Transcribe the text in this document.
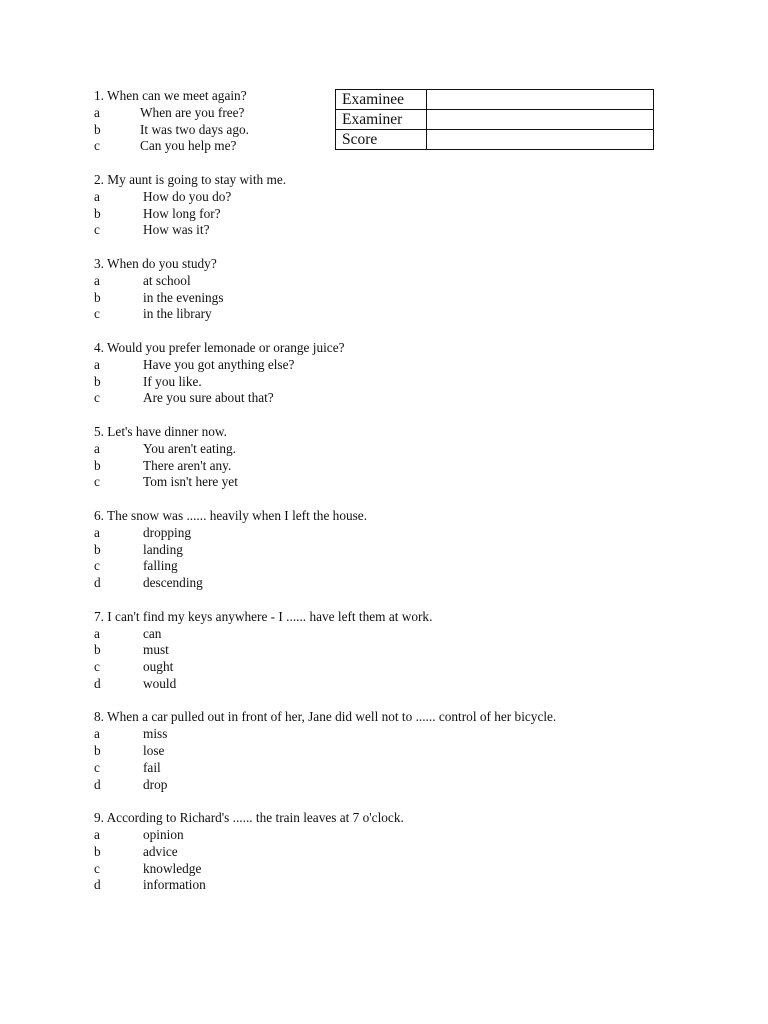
Examinee	
Examiner	
Score	
1. When can we meet again?
a	When are you free?
b	It was two days ago.
c	Can you help me?
2. My aunt is going to stay with me.
a	How do you do?
b	How long for?
c	How was it?
3. When do you study?
a	at school
b	in the evenings
c	in the library
4. Would you prefer lemonade or orange juice?
a	Have you got anything else?
b	If you like.
c	Are you sure about that?
5. Let's have dinner now.
a	You aren't eating.
b	There aren't any.
c	Tom isn't here yet
6. The snow was ...... heavily when I left the house.
a	dropping
b	landing
c	falling
d	descending
7. I can't find my keys anywhere - I ...... have left them at work.
a	can
b	must
c	ought
d	would
8. When a car pulled out in front of her, Jane did well not to ...... control of her bicycle.
a	miss
b	lose
c	fail
d	drop
9. According to Richard's ...... the train leaves at 7 o'clock.
a	opinion
b	advice
c	knowledge
d	information
